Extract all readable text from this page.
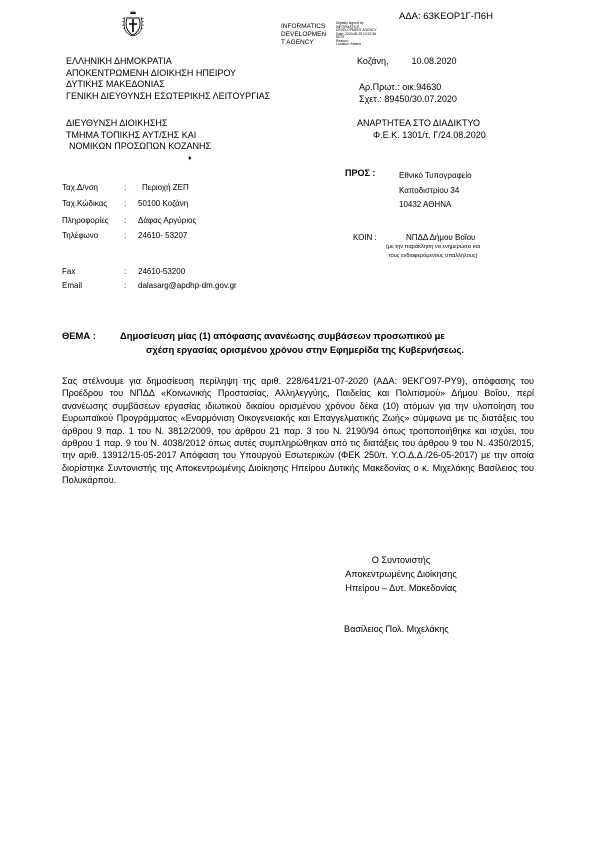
INFORMATICS
DEVELOPMEN
T AGENCY
Digitally signed by
INFORMATICS
DEVELOPMENT AGENCY
Date: 2020.08.25 12:22:36
EEST
Reason:
Location: Athens
ΑΔΑ: 63ΚΕΟΡ1Γ-Π6Η
ΕΛΛΗΝΙΚΗ ΔΗΜΟΚΡΑΤΙΑ
ΑΠΟΚΕΝΤΡΩΜΕΝΗ ΔΙΟΙΚΗΣΗ ΗΠΕΙΡΟΥ
ΔΥΤΙΚΗΣ ΜΑΚΕΔΟΝΙΑΣ
ΓΕΝΙΚΗ ΔΙΕΥΘΥΝΣΗ ΕΣΩΤΕΡΙΚΗΣ ΛΕΙΤΟΥΡΓΙΑΣ
ΔΙΕΥΘΥΝΣΗ ΔΙΟΙΚΗΣΗΣ
ΤΜΗΜΑ ΤΟΠΙΚΗΣ ΑΥΤ/ΣΗΣ ΚΑΙ
ΝΟΜΙΚΩΝ ΠΡΟΣΩΠΩΝ ΚΟΖΑΝΗΣ
♦
Κοζάνη,	10.08.2020
Αρ.Πρωτ.: οικ.94630
Σχετ.: 89450/30.07.2020
ΑΝΑΡΤΗΤΕΑ ΣΤΟ ΔΙΑΔΙΚΤΥΟ
Φ.Ε.Κ. 1301/τ. Γ/24.08.2020
ΠΡΟΣ :	Εθνικό Τυπογραφείο
Καποδιστρίου 34
10432 ΑΘΗΝΑ
ΚΟΙΝ :	ΝΠΔΔ Δήμου Βοΐου
(με την παράκληση να ενημερώσει και
τους ενδιαφερόμενους υπαλλήλους)
Ταχ.Δ/νση	: Περιοχή ΖΕΠ
Ταχ.Κώδικας : 50100 Κοζάνη
Πληροφορίες : Δάφας Αργύριος
Τηλέφωνο	: 24610- 53207
Fax	: 24610-53200
Email	: dalasarg@apdhp-dm.gov.gr
ΘΕΜΑ :	Δημοσίευση μίας (1) απόφασης ανανέωσης συμβάσεων προσωπικού με
σχέση εργασίας ορισμένου χρόνου στην Εφημερίδα της Κυβερνήσεως.
Σας στέλνουμε για δημοσίευση περίληψη της αριθ. 228/641/21-07-2020 (ΑΔΑ: 9ΕΚΓΟ97-ΡΥ9), απόφασης του Προέδρου του ΝΠΔΔ «Κοινωνικής Προστασίας, Αλληλεγγύης, Παιδείας και Πολιτισμού» Δήμου Βοΐου, περί ανανέωσης συμβάσεων εργασίας ιδιωτικού δικαίου ορισμένου χρόνου δέκα (10) ατόμων για την υλοποίηση του Ευρωπαϊκού Προγράμματος «Εναρμόνιση Οικογενειακής και Επαγγελματικής Ζωής» σύμφωνα με τις διατάξεις του άρθρου 9 παρ. 1 του Ν. 3812/2009, του άρθρου 21 παρ. 3 του Ν. 2190/94 όπως τροποποιήθηκε και ισχύει, του άρθρου 1 παρ. 9 του Ν. 4038/2012 όπως αυτές συμπληρώθηκαν από τις διατάξεις του άρθρου 9 του Ν. 4350/2015, την αριθ. 13912/15-05-2017 Απόφαση του Υπουργού Εσωτερικών (ΦΕΚ 250/τ. Υ.Ο.Δ.Δ./26-05-2017) με την οποία διορίστηκε Συντονιστής της Αποκεντρωμένης Διοίκησης Ηπείρου Δυτικής Μακεδονίας ο κ. Μιχελάκης Βασίλειος του Πολυκάρπου.
Ο Συντονιστής
Αποκεντρωμένης Διοίκησης
Ηπείρου – Δυτ. Μακεδονίας
Βασίλειος Πολ. Μιχελάκης
